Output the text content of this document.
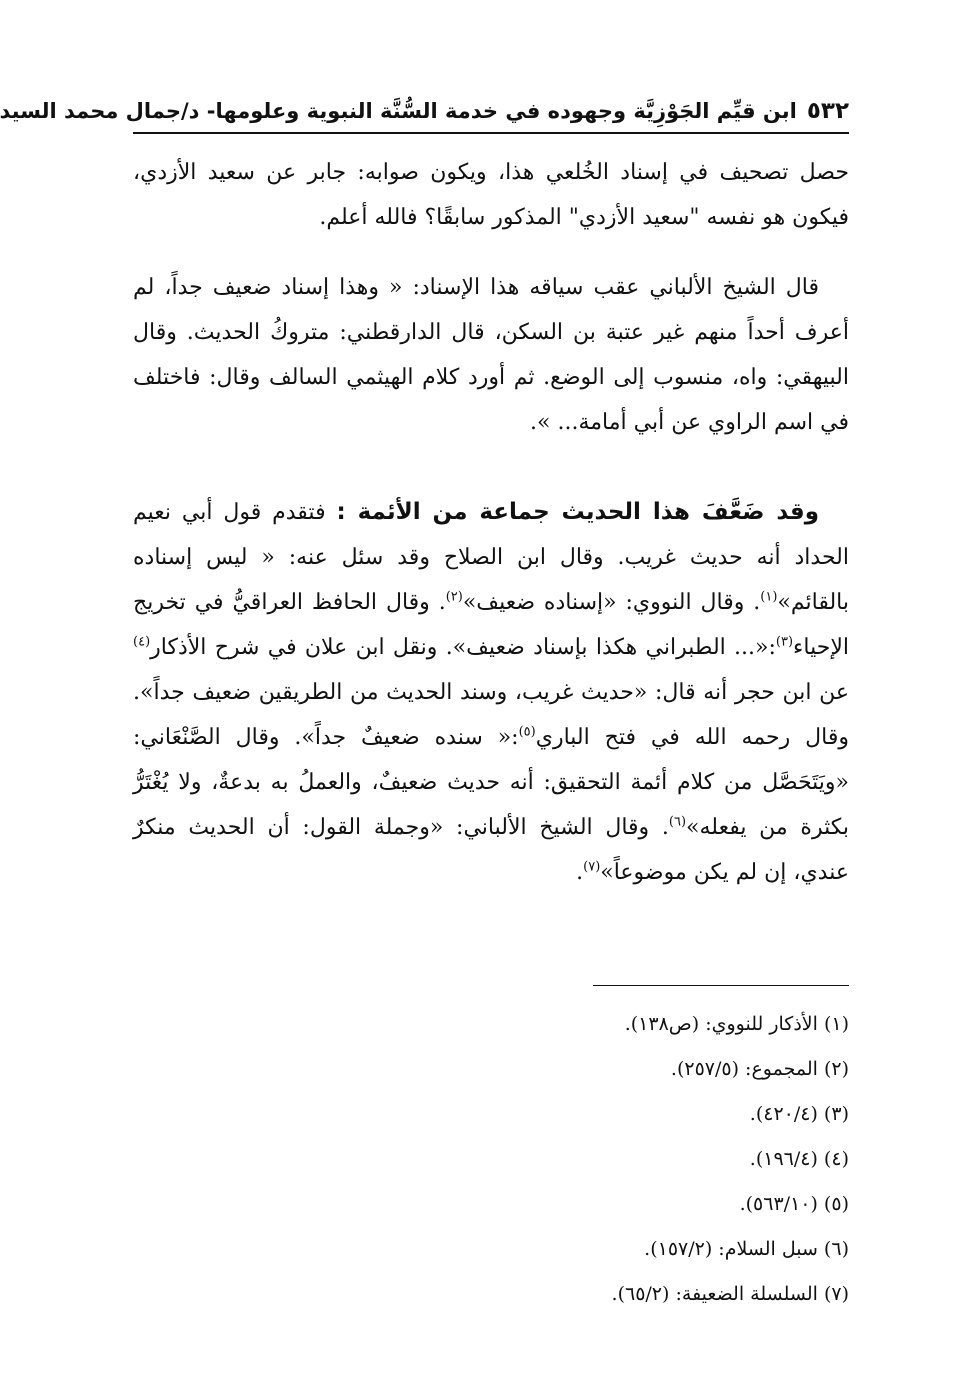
٥٣٢
ابن قيِّم الجَوْزِيَّة وجهوده في خدمة السُّنَّة النبوية وعلومها- د/جمال محمد السيد
حصل تصحيف في إسناد الخُلعي هذا، ويكون صوابه: جابر عن سعيد الأزدي، فيكون هو نفسه "سعيد الأزدي" المذكور سابقًا؟ فالله أعلم.
قال الشيخ الألباني عقب سياقه هذا الإسناد: « وهذا إسناد ضعيف جداً، لم أعرف أحداً منهم غير عتبة بن السكن، قال الدارقطني: متروكُ الحديث. وقال البيهقي: واه، منسوب إلى الوضع. ثم أورد كلام الهيثمي السالف وقال: فاختلف في اسم الراوي عن أبي أمامة... ».
وقد ضَعَّفَ هذا الحديث جماعة من الأئمة : فتقدم قول أبي نعيم الحداد أنه حديث غريب. وقال ابن الصلاح وقد سئل عنه: « ليس إسناده بالقائم»$^{(١)}$. وقال النووي: «إسناده ضعيف»$^{(٢)}$. وقال الحافظ العراقيُّ في تخريج الإحياء$^{(٣)}$:«... الطبراني هكذا بإسناد ضعيف». ونقل ابن علان في شرح الأذكار$^{(٤)}$ عن ابن حجر أنه قال: «حديث غريب، وسند الحديث من الطريقين ضعيف جداً». وقال رحمه الله في فتح الباري$^{(٥)}$:« سنده ضعيفٌ جداً». وقال الصَّنْعَاني: «ويَتَحَصَّل من كلام أئمة التحقيق: أنه حديث ضعيفٌ، والعملُ به بدعةٌ، ولا يُغْتَرُّ بكثرة من يفعله»$^{(٦)}$. وقال الشيخ الألباني: «وجملة القول: أن الحديث منكرٌ عندي، إن لم يكن موضوعاً»$^{(٧)}$.
(١) الأذكار للنووي: (ص١٣٨).
(٢) المجموع: (٢٥٧/٥).
(٣) (٤٢٠/٤).
(٤) (١٩٦/٤).
(٥) (٥٦٣/١٠).
(٦) سبل السلام: (١٥٧/٢).
(٧) السلسلة الضعيفة: (٦٥/٢).
